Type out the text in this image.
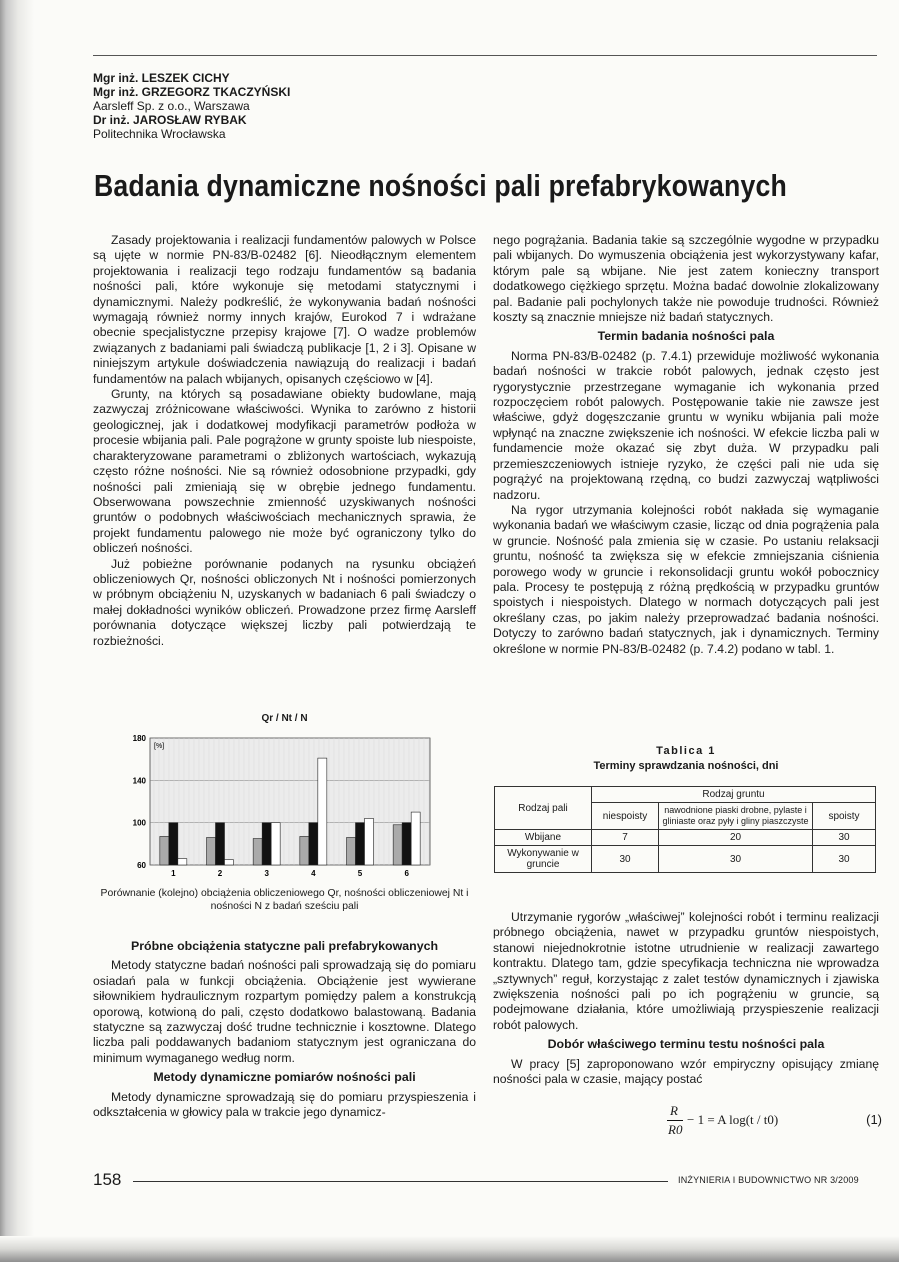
Mgr inż. LESZEK CICHY
Mgr inż. GRZEGORZ TKACZYŃSKI
Aarsleff Sp. z o.o., Warszawa
Dr inż. JAROSŁAW RYBAK
Politechnika Wrocławska
Badania dynamiczne nośności pali prefabrykowanych

Zasady projektowania i realizacji fundamentów palowych w Polsce są ujęte w normie PN-83/B-02482 [6]. Nieodłącznym elementem projektowania i realizacji tego rodzaju fundamentów są badania nośności pali, które wykonuje się metodami statycznymi i dynamicznymi. Należy podkreślić, że wykonywania badań nośności wymagają również normy innych krajów, Eurokod 7 i wdrażane obecnie specjalistyczne przepisy krajowe [7]. O wadze problemów związanych z badaniami pali świadczą publikacje [1, 2 i 3]. Opisane w niniejszym artykule doświadczenia nawiązują do realizacji i badań fundamentów na palach wbijanych, opisanych częściowo w [4].

Grunty, na których są posadawiane obiekty budowlane, mają zazwyczaj zróżnicowane właściwości. Wynika to zarówno z historii geologicznej, jak i dodatkowej modyfikacji parametrów podłoża w procesie wbijania pali. Pale pogrążone w grunty spoiste lub niespoiste, charakteryzowane parametrami o zbliżonych wartościach, wykazują często różne nośności. Nie są również odosobnione przypadki, gdy nośności pali zmieniają się w obrębie jednego fundamentu. Obserwowana powszechnie zmienność uzyskiwanych nośności gruntów o podobnych właściwościach mechanicznych sprawia, że projekt fundamentu palowego nie może być ograniczony tylko do obliczeń nośności.

Już pobieżne porównanie podanych na rysunku obciążeń obliczeniowych Qr, nośności obliczonych Nt i nośności pomierzonych w próbnym obciążeniu N, uzyskanych w badaniach 6 pali świadczy o małej dokładności wyników obliczeń. Prowadzone przez firmę Aarsleff porównania dotyczące większej liczby pali potwierdzają te rozbieżności.

Qr / Nt / N
60
100
140
180
[%]
1	2	3	4	5	6
Porównanie (kolejno) obciążenia obliczeniowego Qr, nośności obliczeniowej Nt i nośności N z badań sześciu pali
Próbne obciążenia statyczne pali prefabrykowanych

Metody statyczne badań nośności pali sprowadzają się do pomiaru osiadań pala w funkcji obciążenia. Obciążenie jest wywierane siłownikiem hydraulicznym rozpartym pomiędzy palem a konstrukcją oporową, kotwioną do pali, często dodatkowo balastowaną. Badania statyczne są zazwyczaj dość trudne technicznie i kosztowne. Dlatego liczba pali poddawanych badaniom statycznym jest ograniczana do minimum wymaganego według norm.

Metody dynamiczne pomiarów nośności pali

Metody dynamiczne sprowadzają się do pomiaru przyspieszenia i odkształcenia w głowicy pala w trakcie jego dynamicz-

nego pogrążania. Badania takie są szczególnie wygodne w przypadku pali wbijanych. Do wymuszenia obciążenia jest wykorzystywany kafar, którym pale są wbijane. Nie jest zatem konieczny transport dodatkowego ciężkiego sprzętu. Można badać dowolnie zlokalizowany pal. Badanie pali pochylonych także nie powoduje trudności. Również koszty są znacznie mniejsze niż badań statycznych.

Termin badania nośności pala

Norma PN-83/B-02482 (p. 7.4.1) przewiduje możliwość wykonania badań nośności w trakcie robót palowych, jednak często jest rygorystycznie przestrzegane wymaganie ich wykonania przed rozpoczęciem robót palowych. Postępowanie takie nie zawsze jest właściwe, gdyż dogęszczanie gruntu w wyniku wbijania pali może wpłynąć na znaczne zwiększenie ich nośności. W efekcie liczba pali w fundamencie może okazać się zbyt duża. W przypadku pali przemieszczeniowych istnieje ryzyko, że części pali nie uda się pogrążyć na projektowaną rzędną, co budzi zazwyczaj wątpliwości nadzoru.

Na rygor utrzymania kolejności robót nakłada się wymaganie wykonania badań we właściwym czasie, licząc od dnia pogrążenia pala w gruncie. Nośność pala zmienia się w czasie. Po ustaniu relaksacji gruntu, nośność ta zwiększa się w efekcie zmniejszania ciśnienia porowego wody w gruncie i rekonsolidacji gruntu wokół pobocznicy pala. Procesy te postępują z różną prędkością w przypadku gruntów spoistych i niespoistych. Dlatego w normach dotyczących pali jest określany czas, po jakim należy przeprowadzać badania nośności. Dotyczy to zarówno badań statycznych, jak i dynamicznych. Terminy określone w normie PN-83/B-02482 (p. 7.4.2) podano w tabl. 1.

Tablica 1
Terminy sprawdzania nośności, dni
Rodzaj pali	Rodzaj gruntu		
	niespoisty	nawodnione piaski drobne, pylaste i gliniaste oraz pyły i gliny piaszczyste	spoisty
Wbijane	7	20	30
Wykonywanie w gruncie	30	30	30

Utrzymanie rygorów „właściwej” kolejności robót i terminu realizacji próbnego obciążenia, nawet w przypadku gruntów niespoistych, stanowi niejednokrotnie istotne utrudnienie w realizacji zawartego kontraktu. Dlatego tam, gdzie specyfikacja techniczna nie wprowadza „sztywnych” reguł, korzystając z zalet testów dynamicznych i zjawiska zwiększenia nośności pali po ich pogrążeniu w gruncie, są podejmowane działania, które umożliwiają przyspieszenie realizacji robót palowych.

Dobór właściwego terminu testu nośności pala

W pracy [5] zaproponowano wzór empiryczny opisujący zmianę nośności pala w czasie, mający postać

R
R0
− 1 = A log(t / t0)	(1)
158	INŻYNIERIA I BUDOWNICTWO NR 3/2009
